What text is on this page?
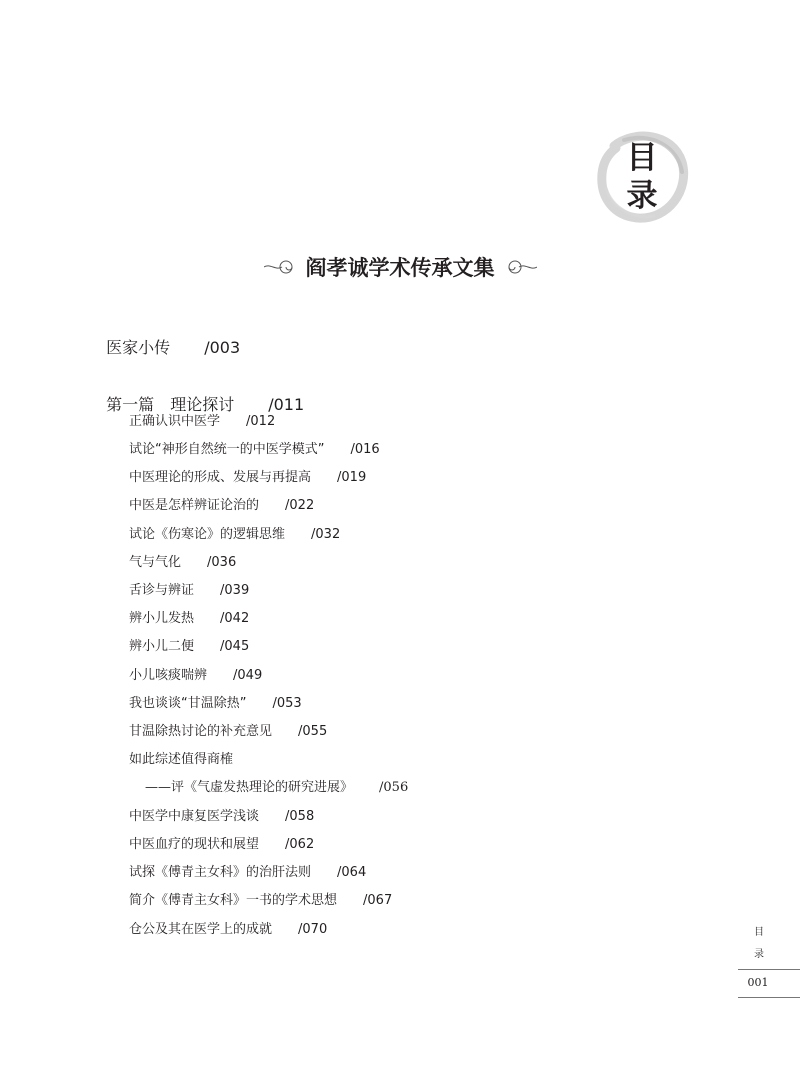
目
录
阎孝诚学术传承文集

医家小传 /003

第一篇 理论探讨 /011

正确认识中医学 /012
试论“神形自然统一的中医学模式” /016
中医理论的形成、发展与再提高 /019
中医是怎样辨证论治的 /022
试论《伤寒论》的逻辑思维 /032
气与气化 /036
舌诊与辨证 /039
辨小儿发热 /042
辨小儿二便 /045
小儿咳痰喘辨 /049
我也谈谈“甘温除热” /053
甘温除热讨论的补充意见 /055
如此综述值得商榷
——评《气虚发热理论的研究进展》 /056
中医学中康复医学浅谈 /058
中医血疗的现状和展望 /062
试探《傅青主女科》的治肝法则 /064
简介《傅青主女科》一书的学术思想 /067
仓公及其在医学上的成就 /070	目
录
001
